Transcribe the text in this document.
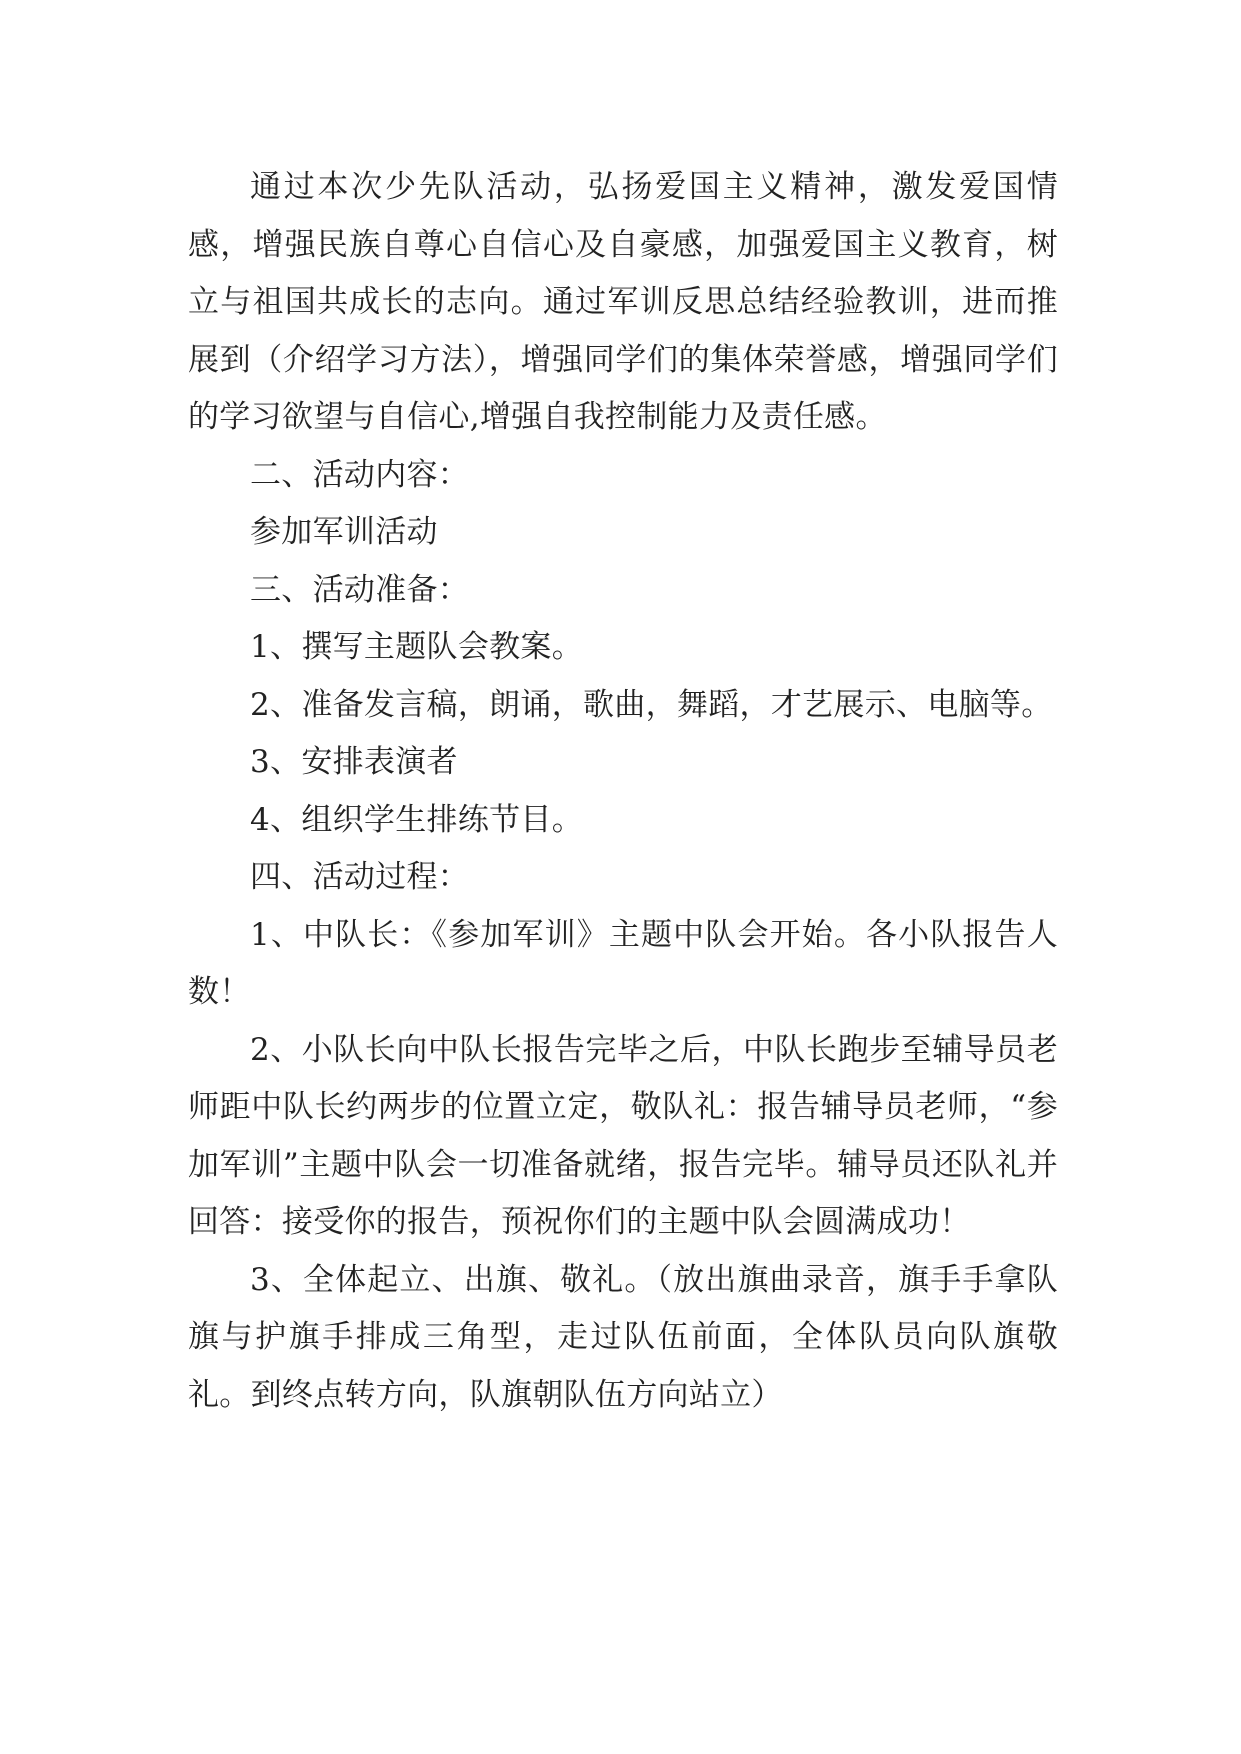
通过本次少先队活动，弘扬爱国主义精神，激发爱国情感，增强民族自尊心自信心及自豪感，加强爱国主义教育，树立与祖国共成长的志向。通过军训反思总结经验教训，进而推展到（介绍学习方法），增强同学们的集体荣誉感，增强同学们的学习欲望与自信心,增强自我控制能力及责任感。

二、活动内容：

参加军训活动

三、活动准备：

1、撰写主题队会教案。

2、准备发言稿，朗诵，歌曲，舞蹈，才艺展示、电脑等。

3、安排表演者

4、组织学生排练节目。

四、活动过程：

1、中队长：《参加军训》主题中队会开始。各小队报告人数！

2、小队长向中队长报告完毕之后，中队长跑步至辅导员老师距中队长约两步的位置立定，敬队礼：报告辅导员老师，“参加军训”主题中队会一切准备就绪，报告完毕。辅导员还队礼并回答：接受你的报告，预祝你们的主题中队会圆满成功！

3、全体起立、出旗、敬礼。（放出旗曲录音，旗手手拿队旗与护旗手排成三角型，走过队伍前面，全体队员向队旗敬礼。到终点转方向，队旗朝队伍方向站立）
